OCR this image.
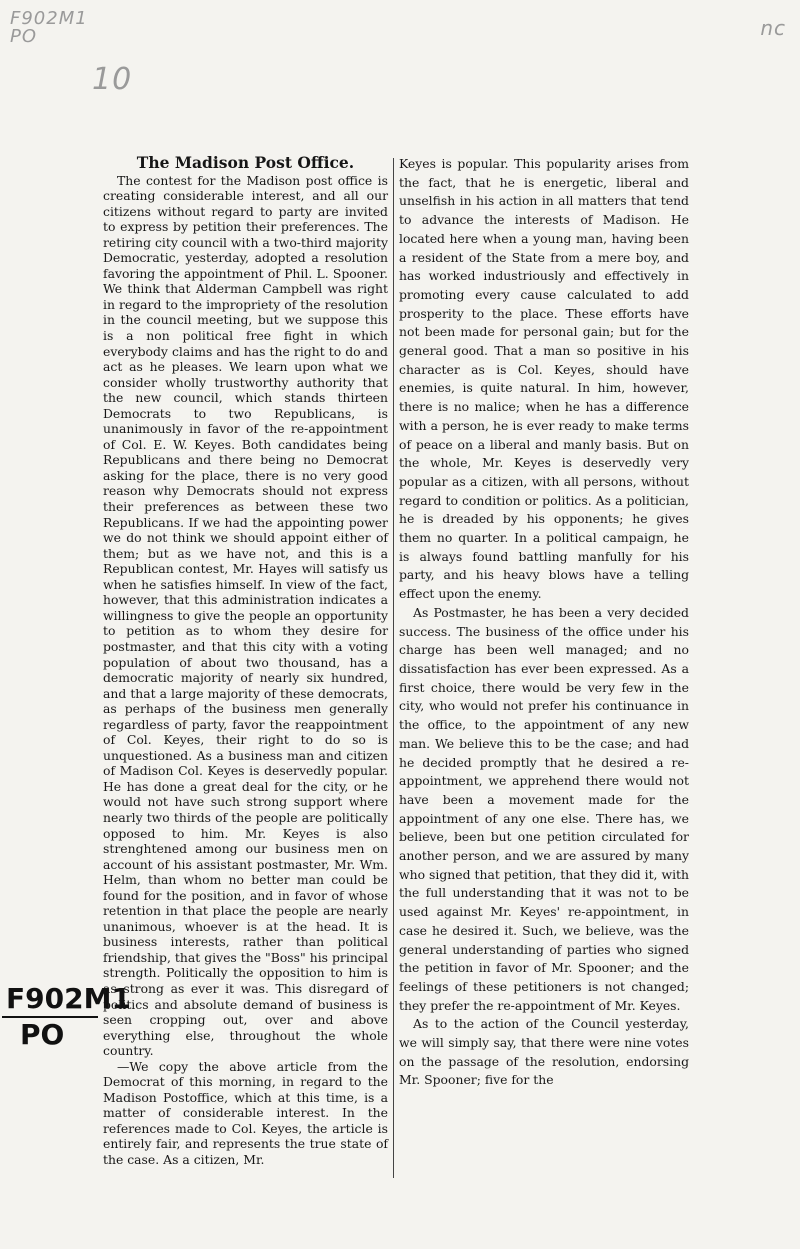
F902M1
PO
10
nc
F902M1
PO

The Madison Post Office.

The contest for the Madison post office is creating considerable interest, and all our citizens without regard to party are invited to express by petition their preferences. The retiring city council with a two-third majority Democratic, yesterday, adopted a resolution favoring the appointment of Phil. L. Spooner. We think that Alderman Campbell was right in regard to the impropriety of the resolution in the council meeting, but we suppose this is a non political free fight in which everybody claims and has the right to do and act as he pleases. We learn upon what we consider wholly trustworthy authority that the new council, which stands thirteen Democrats to two Republicans, is unanimously in favor of the re-appointment of Col. E. W. Keyes. Both candidates being Republicans and there being no Democrat asking for the place, there is no very good reason why Democrats should not express their preferences as between these two Republicans. If we had the appointing power we do not think we should appoint either of them; but as we have not, and this is a Republican contest, Mr. Hayes will satisfy us when he satisfies himself. In view of the fact, however, that this administration indicates a willingness to give the people an opportunity to petition as to whom they desire for postmaster, and that this city with a voting population of about two thousand, has a democratic majority of nearly six hundred, and that a large majority of these democrats, as perhaps of the business men generally regardless of party, favor the reappointment of Col. Keyes, their right to do so is unquestioned. As a business man and citizen of Madison Col. Keyes is deservedly popular. He has done a great deal for the city, or he would not have such strong support where nearly two thirds of the people are politically opposed to him. Mr. Keyes is also strenghtened among our business men on account of his assistant postmaster, Mr. Wm. Helm, than whom no better man could be found for the position, and in favor of whose retention in that place the people are nearly unanimous, whoever is at the head. It is business interests, rather than political friendship, that gives the "Boss" his principal strength. Politically the opposition to him is as strong as ever it was. This disregard of politics and absolute demand of business is seen cropping out, over and above everything else, throughout the whole country.

—We copy the above article from the Democrat of this morning, in regard to the Madison Postoffice, which at this time, is a matter of considerable interest. In the references made to Col. Keyes, the article is entirely fair, and represents the true state of the case. As a citizen, Mr.

Keyes is popular. This popularity arises from the fact, that he is energetic, liberal and unselfish in his action in all matters that tend to advance the interests of Madison. He located here when a young man, having been a resident of the State from a mere boy, and has worked industriously and effectively in promoting every cause calculated to add prosperity to the place. These efforts have not been made for personal gain; but for the general good. That a man so positive in his character as is Col. Keyes, should have enemies, is quite natural. In him, however, there is no malice; when he has a difference with a person, he is ever ready to make terms of peace on a liberal and manly basis. But on the whole, Mr. Keyes is deservedly very popular as a citizen, with all persons, without regard to condition or politics. As a politician, he is dreaded by his opponents; he gives them no quarter. In a political campaign, he is always found battling manfully for his party, and his heavy blows have a telling effect upon the enemy.

As Postmaster, he has been a very decided success. The business of the office under his charge has been well managed; and no dissatisfaction has ever been expressed. As a first choice, there would be very few in the city, who would not prefer his continuance in the office, to the appointment of any new man. We believe this to be the case; and had he decided promptly that he desired a re-appointment, we apprehend there would not have been a movement made for the appointment of any one else. There has, we believe, been but one petition circulated for another person, and we are assured by many who signed that petition, that they did it, with the full understanding that it was not to be used against Mr. Keyes' re-appointment, in case he desired it. Such, we believe, was the general understanding of parties who signed the petition in favor of Mr. Spooner; and the feelings of these petitioners is not changed; they prefer the re-appointment of Mr. Keyes.

As to the action of the Council yesterday, we will simply say, that there were nine votes on the passage of the resolution, endorsing Mr. Spooner; five for the
